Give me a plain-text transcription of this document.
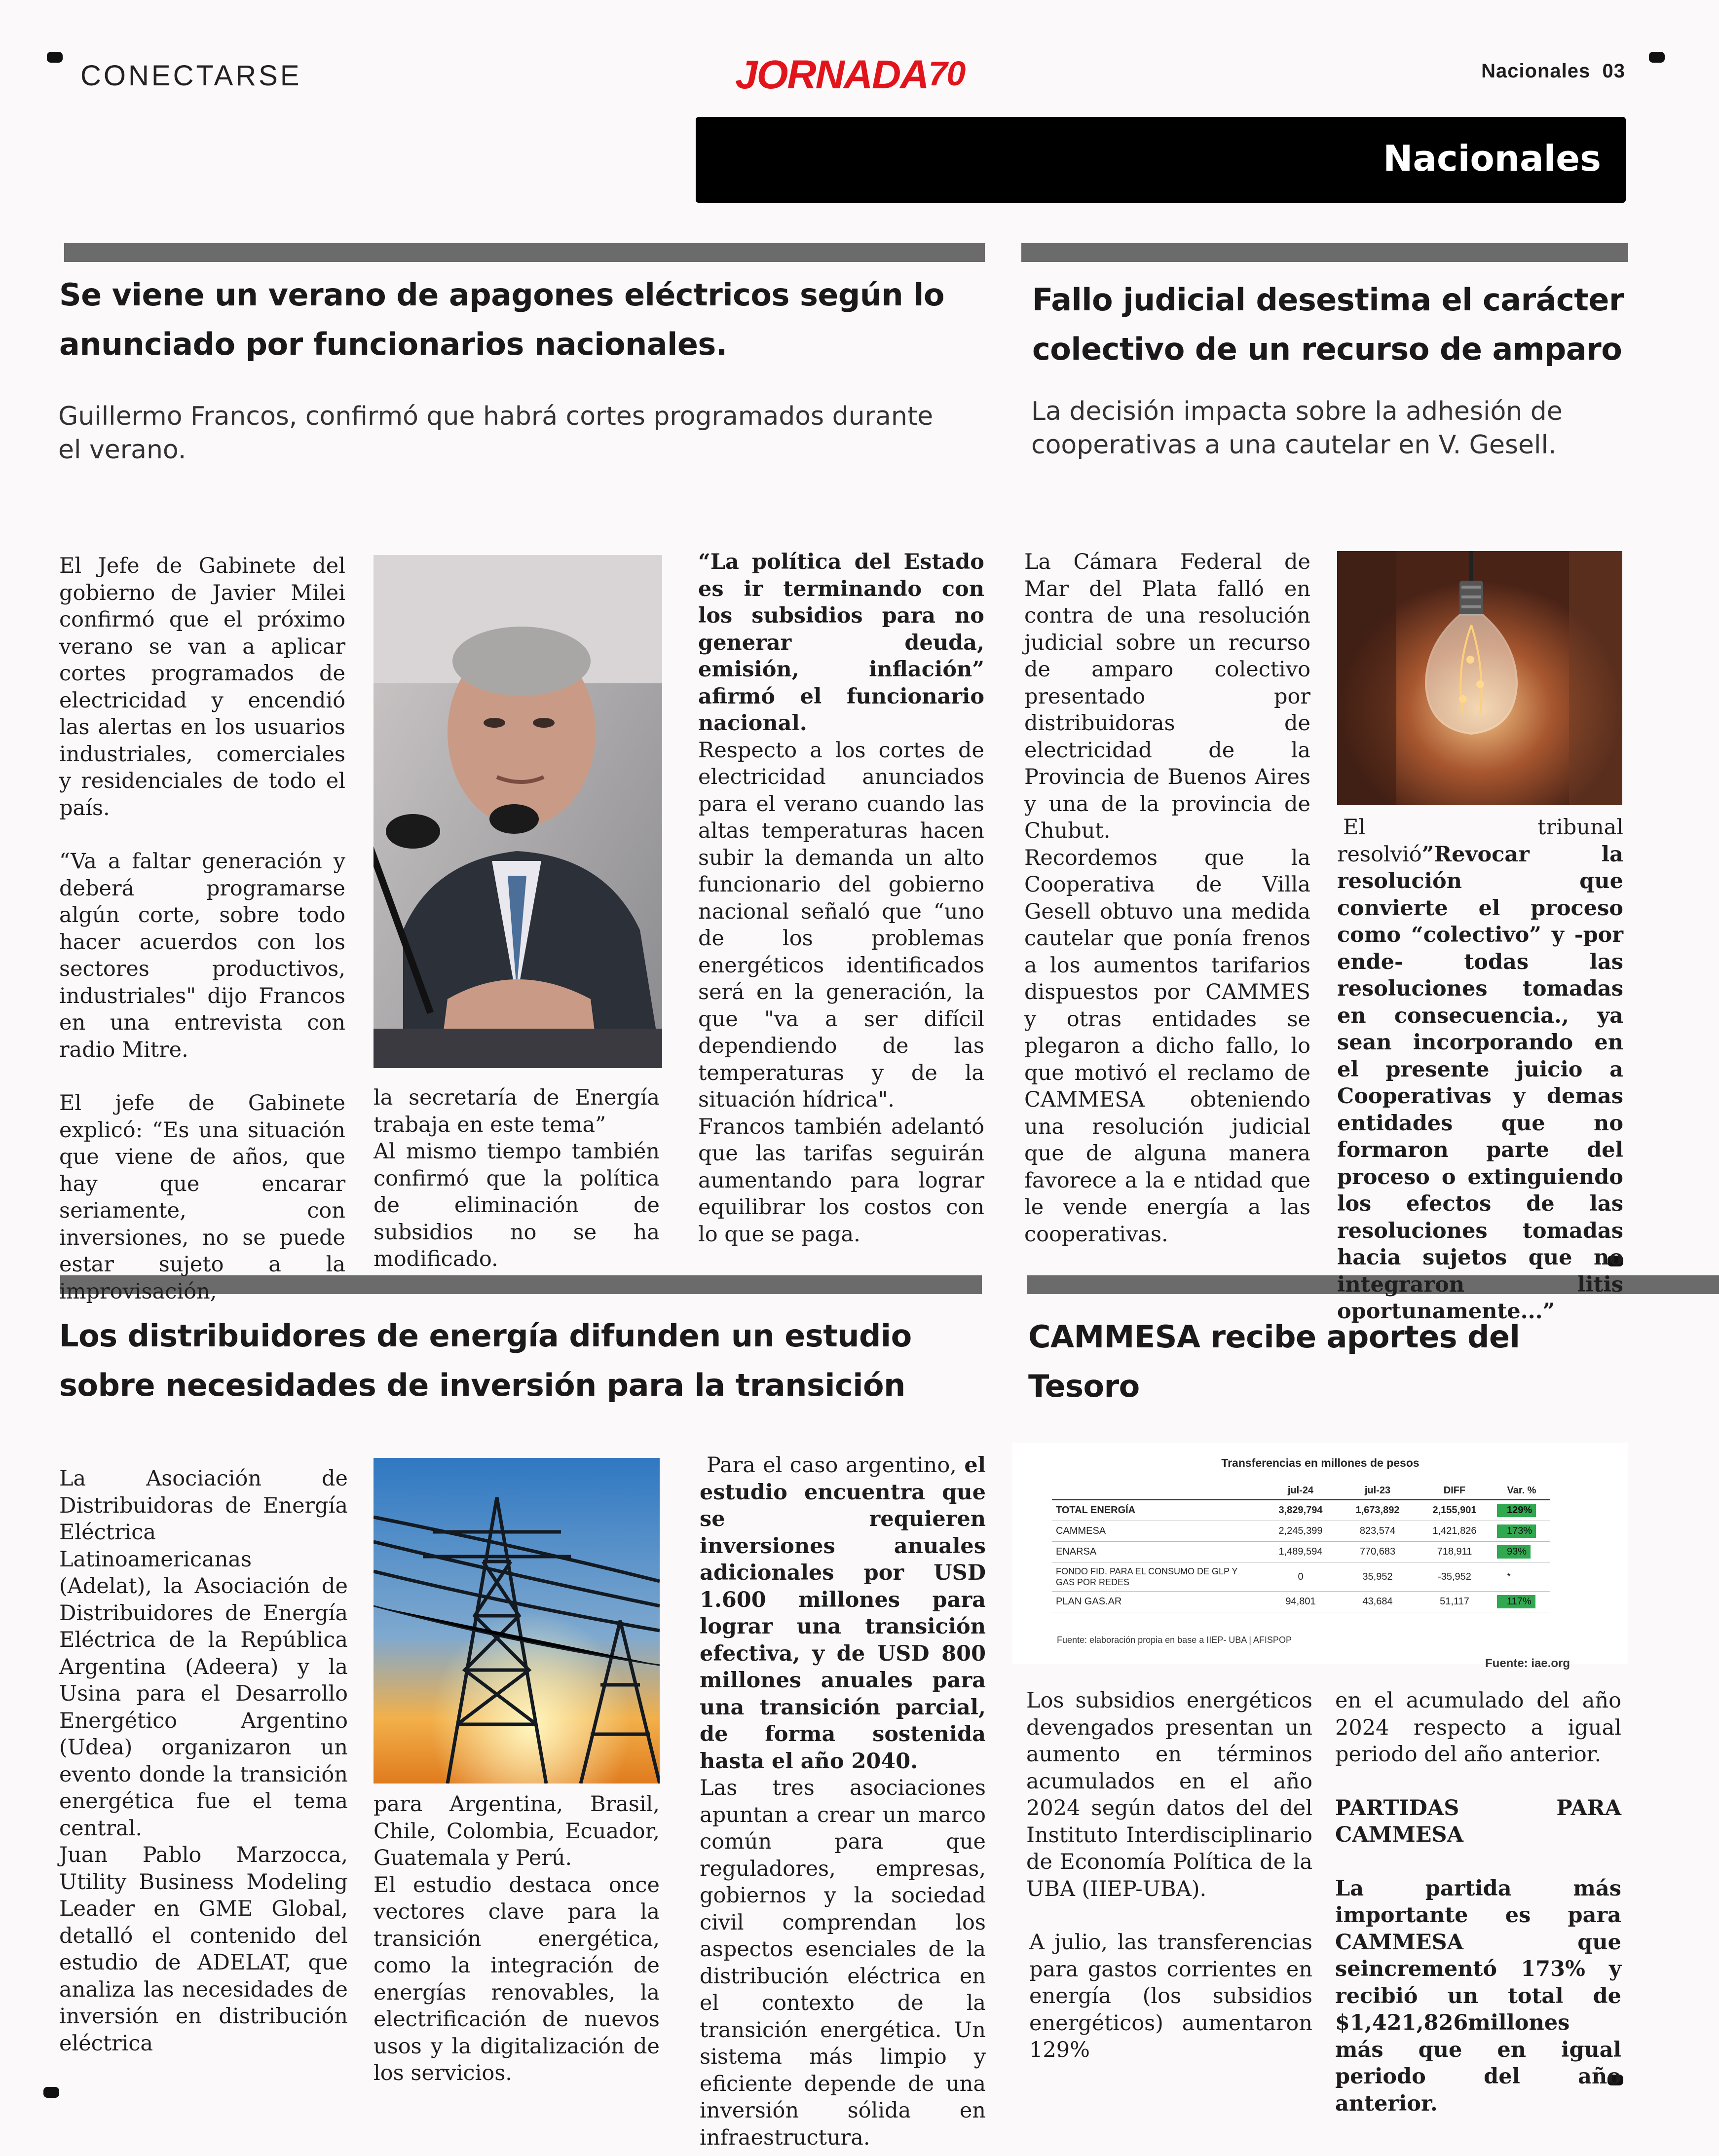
CONECTARSE	$JORNADA_{70}$	Nacionales  03
Nacionales
Se viene un verano de apagones eléctricos según lo
anunciado por funcionarios nacionales.
Guillermo Francos, confirmó que habrá cortes programados durante
el verano.

El Jefe de Gabinete del gobierno de Javier Milei confirmó que el próximo verano se van a aplicar cortes programados de electricidad y encendió las alertas en los usuarios industriales, comerciales y residenciales de todo el país.

“Va a faltar generación y deberá programarse algún corte, sobre todo hacer acuerdos con los sectores productivos, industriales" dijo Francos en una entrevista con radio Mitre.

El jefe de Gabinete explicó: “Es una situación que viene de años, que hay que encarar seriamente, con inversiones, no se puede estar sujeto a la improvisación,

la secretaría de Energía trabaja en este tema”

Al mismo tiempo también confirmó que la política de eliminación de subsidios no se ha modificado.

“La política del Estado es ir terminando con los subsidios para no generar deuda, emisión, inflación” afirmó el funcionario nacional.

Respecto a los cortes de electricidad anunciados para el verano cuando las altas temperaturas hacen subir la demanda un alto funcionario del gobierno nacional señaló que “uno de los problemas energéticos identificados será en la generación, la que "va a ser difícil dependiendo de las temperaturas y de la situación hídrica".

Francos también adelantó que las tarifas seguirán aumentando para lograr equilibrar los costos con lo que se paga.

Fallo judicial desestima el carácter
colectivo de un recurso de amparo
La decisión impacta sobre la adhesión de
cooperativas a una cautelar en V. Gesell.

La Cámara Federal de Mar del Plata falló en contra de una resolución judicial sobre un recurso de amparo colectivo presentado por distribuidoras de electricidad de la Provincia de Buenos Aires y una de la provincia de Chubut.

Recordemos que la Cooperativa de Villa Gesell obtuvo una medida cautelar que ponía frenos a los aumentos tarifarios dispuestos por CAMMES y otras entidades se plegaron a dicho fallo, lo que motivó el reclamo de CAMMESA obteniendo una resolución judicial que de alguna manera favorece a la e ntidad que le vende energía a las cooperativas.

El tribunal resolvió”Revocar la resolución que convierte el proceso como “colectivo” y -por ende- todas las resoluciones tomadas en consecuencia., ya sean incorporando en el presente juicio a Cooperativas y demas entidades que no formaron parte del proceso o extinguiendo los efectos de las resoluciones tomadas hacia sujetos que no integraron litis oportunamente...”

Los distribuidores de energía difunden un estudio
sobre necesidades de inversión para la transición

La Asociación de Distribuidoras de Energía Eléctrica Latinoamericanas (Adelat), la Asociación de Distribuidores de Energía Eléctrica de la República Argentina (Adeera) y la Usina para el Desarrollo Energético Argentino (Udea) organizaron un evento donde la transición energética fue el tema central.

Juan Pablo Marzocca, Utility Business Modeling Leader en GME Global, detalló el contenido del estudio de ADELAT, que analiza las necesidades de inversión en distribución eléctrica

para Argentina, Brasil, Chile, Colombia, Ecuador, Guatemala y Perú.

El estudio destaca once vectores clave para la transición energética, como la integración de energías renovables, la electrificación de nuevos usos y la digitalización de los servicios.

Para el caso argentino, el estudio encuentra que se requieren inversiones anuales adicionales por USD 1.600 millones para lograr una transición efectiva, y de USD 800 millones anuales para una transición parcial, de forma sostenida hasta el año 2040.

Las tres asociaciones apuntan a crear un marco común para que reguladores, empresas, gobiernos y la sociedad civil comprendan los aspectos esenciales de la distribución eléctrica en el contexto de la transición energética. Un sistema más limpio y eficiente depende de una inversión sólida en infraestructura.

CAMMESA recibe aportes del
Tesoro
Transferencias en millones de pesos
	jul-24	jul-23	DIFF	Var. %
TOTAL ENERGÍA	3,829,794	1,673,892	2,155,901	129%
CAMMESA	2,245,399	823,574	1,421,826	173%
ENARSA	1,489,594	770,683	718,911	93%
FONDO FID. PARA EL CONSUMO DE GLP Y GAS POR REDES	0	35,952	-35,952	*
PLAN GAS.AR	94,801	43,684	51,117	117%
Fuente: elaboración propia en base a IIEP- UBA | AFISPOP
Fuente: iae.org

Los subsidios energéticos devengados presentan un aumento en términos acumulados en el año 2024 según datos del del Instituto Interdisciplinario de Economía Política de la UBA (IIEP-UBA).

A julio, las transferencias para gastos corrientes en energía (los subsidios energéticos) aumentaron 129%

en el acumulado del año 2024 respecto a igual periodo del año anterior.

PARTIDAS PARA CAMMESA

La partida más importante es para CAMMESA que seincrementó 173% y recibió un total de $1,421,826millones más que en igual periodo del año anterior.
